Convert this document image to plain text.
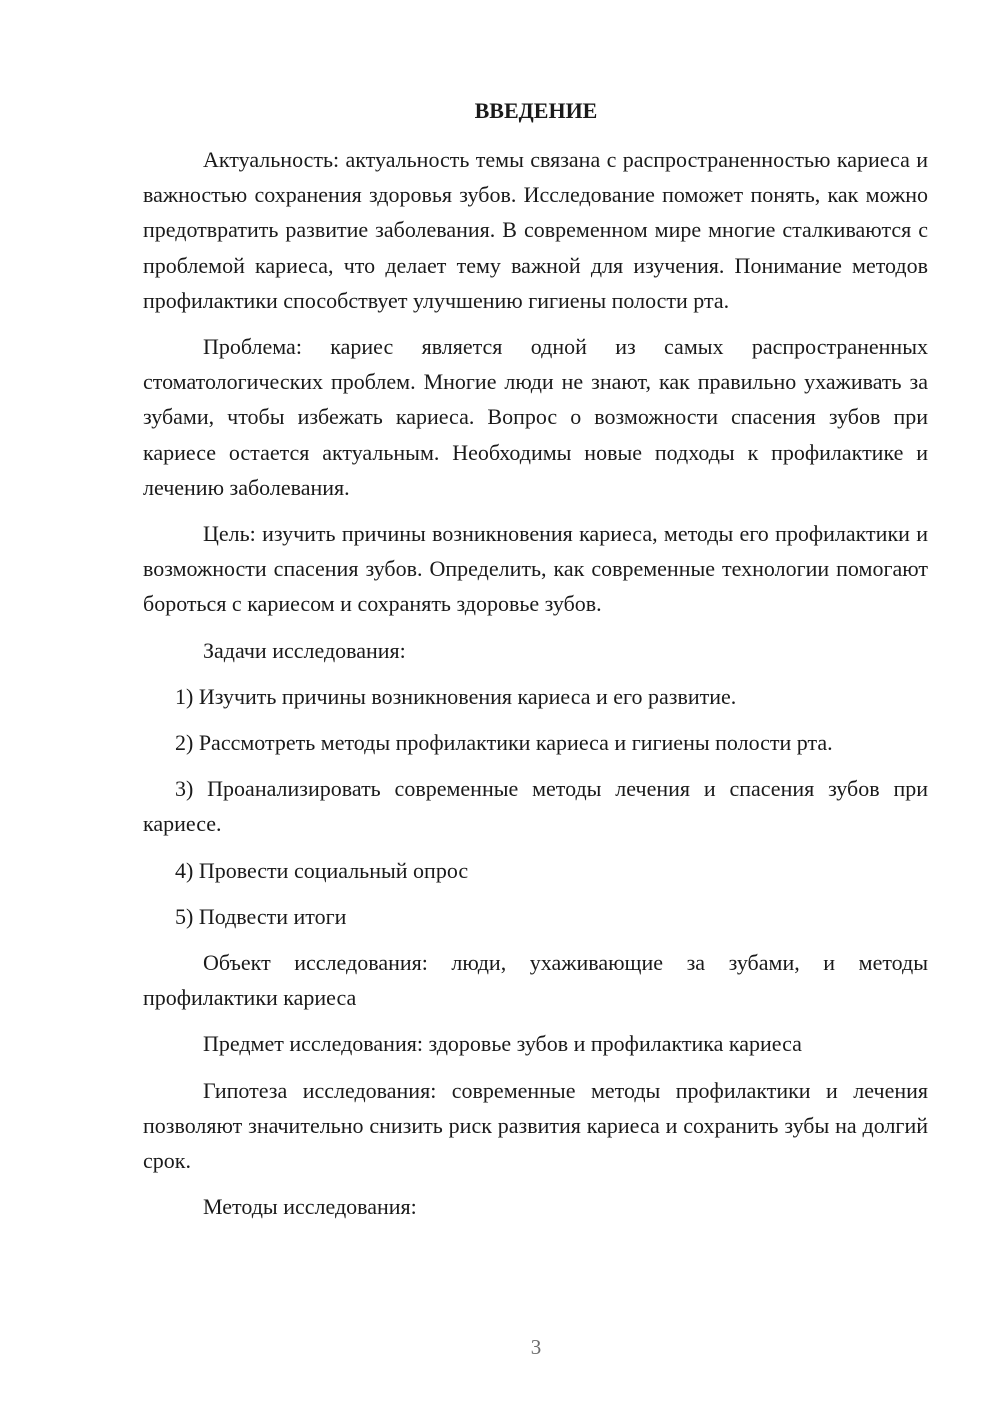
ВВЕДЕНИЕ

Актуальность: актуальность темы связана с распространенностью кариеса и важностью сохранения здоровья зубов. Исследование поможет понять, как можно предотвратить развитие заболевания. В современном мире многие сталкиваются с проблемой кариеса, что делает тему важной для изучения. Понимание методов профилактики способствует улучшению гигиены полости рта.

Проблема: кариес является одной из самых распространенных стоматологических проблем. Многие люди не знают, как правильно ухаживать за зубами, чтобы избежать кариеса. Вопрос о возможности спасения зубов при кариесе остается актуальным. Необходимы новые подходы к профилактике и лечению заболевания.

Цель: изучить причины возникновения кариеса, методы его профилактики и возможности спасения зубов. Определить, как современные технологии помогают бороться с кариесом и сохранять здоровье зубов.

Задачи исследования:

1) Изучить причины возникновения кариеса и его развитие.

2) Рассмотреть методы профилактики кариеса и гигиены полости рта.

3) Проанализировать современные методы лечения и спасения зубов при кариесе.

4) Провести социальный опрос

5) Подвести итоги

Объект исследования: люди, ухаживающие за зубами, и методы профилактики кариеса

Предмет исследования: здоровье зубов и профилактика кариеса

Гипотеза исследования: современные методы профилактики и лечения позволяют значительно снизить риск развития кариеса и сохранить зубы на долгий срок.

Методы исследования:

3
